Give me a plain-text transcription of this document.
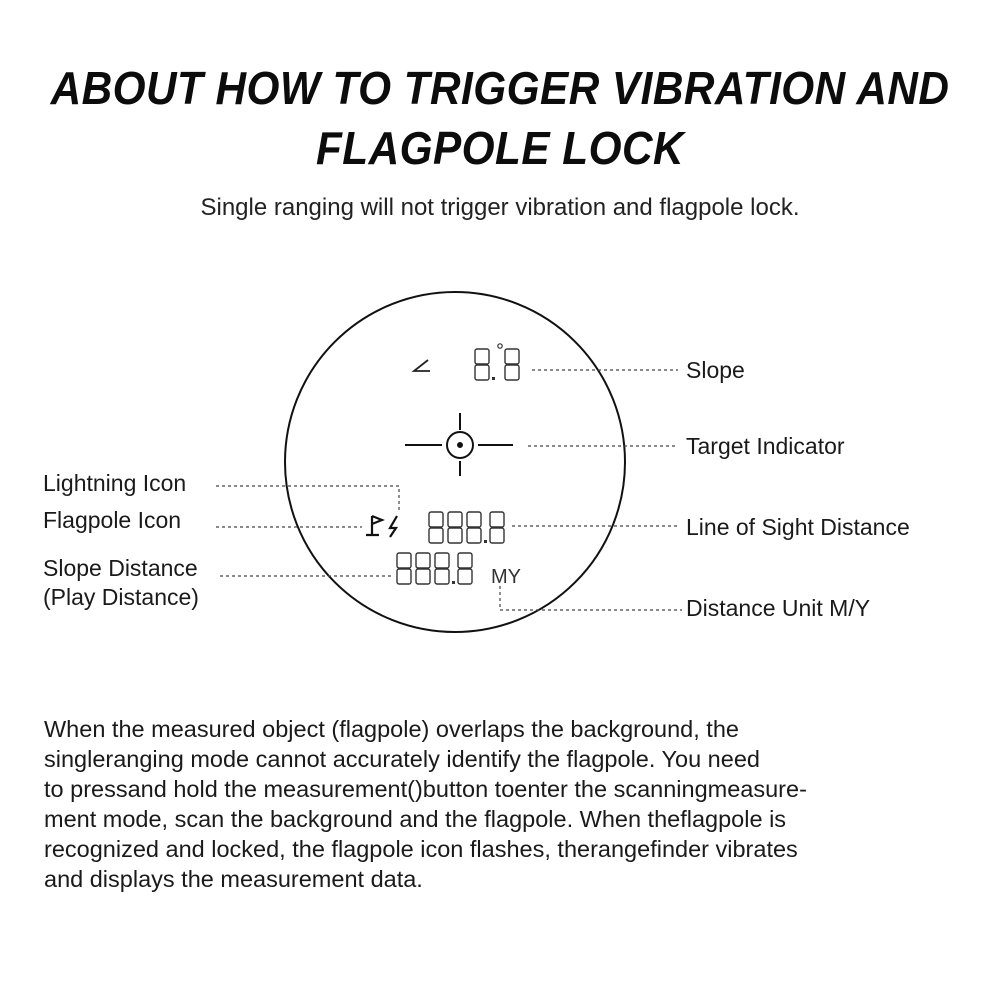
ABOUT HOW TO TRIGGER VIBRATION AND
FLAGPOLE LOCK
Single ranging will not trigger vibration and flagpole lock.
MY
Slope
Target Indicator
Line of Sight Distance
Distance Unit M/Y
Lightning Icon
Flagpole Icon
Slope Distance
(Play Distance)
When the measured object (flagpole) overlaps the background, the
singleranging mode cannot accurately identify the flagpole. You need
to pressand hold the measurement()button toenter the scanningmeasure-
ment mode, scan the background and the flagpole. When theflagpole is
recognized and locked, the flagpole icon flashes, therangefinder vibrates
and displays the measurement data.
